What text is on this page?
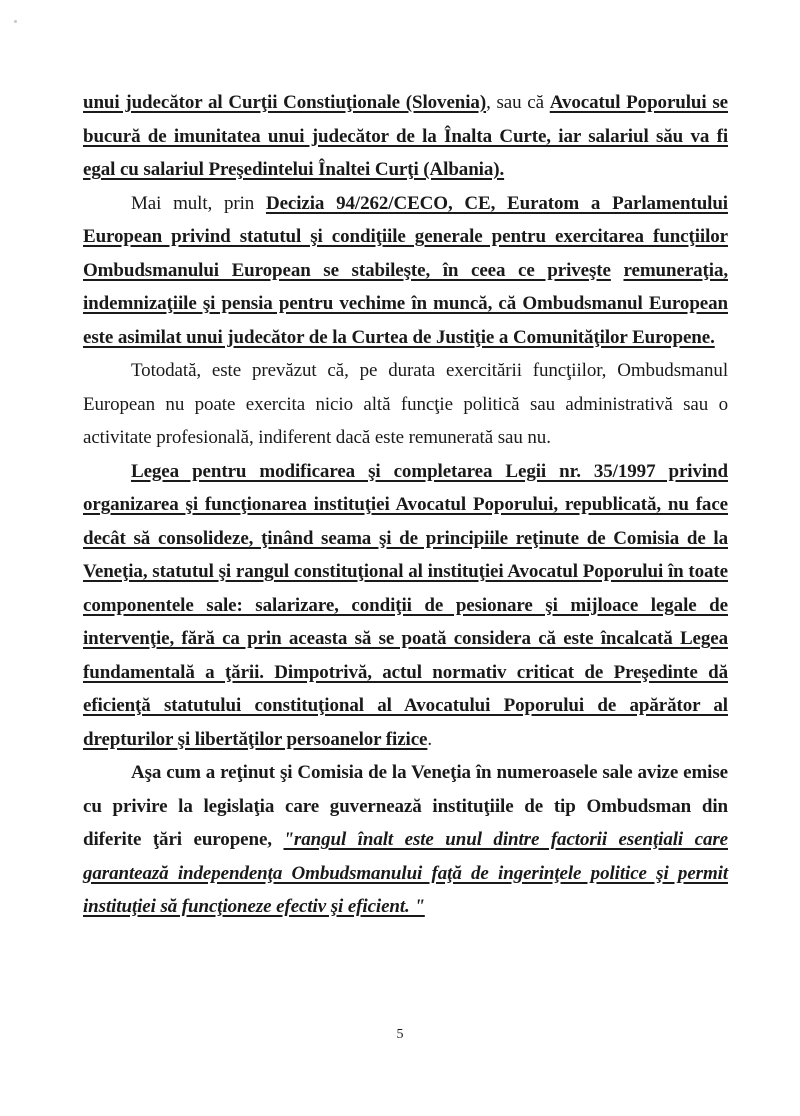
unui judecător al Curţii Constiuţionale (Slovenia), sau că Avocatul Poporului se bucură de imunitatea unui judecător de la Înalta Curte, iar salariul său va fi egal cu salariul Preşedintelui Înaltei Curţi (Albania).

Mai mult, prin Decizia 94/262/CECO, CE, Euratom a Parlamentului European privind statutul şi condiţiile generale pentru exercitarea funcţiilor Ombudsmanului European se stabileşte, în ceea ce priveşte remuneraţia, indemnizaţiile şi pensia pentru vechime în muncă, că Ombudsmanul European este asimilat unui judecător de la Curtea de Justiţie a Comunităţilor Europene.

Totodată, este prevăzut că, pe durata exercitării funcţiilor, Ombudsmanul European nu poate exercita nicio altă funcţie politică sau administrativă sau o activitate profesională, indiferent dacă este remunerată sau nu.

Legea pentru modificarea şi completarea Legii nr. 35/1997 privind organizarea şi funcţionarea instituţiei Avocatul Poporului, republicată, nu face decât să consolideze, ţinând seama şi de principiile reţinute de Comisia de la Veneţia, statutul şi rangul constituţional al instituţiei Avocatul Poporului în toate componentele sale: salarizare, condiţii de pesionare şi mijloace legale de intervenţie, fără ca prin aceasta să se poată considera că este încalcată Legea fundamentală a ţării. Dimpotrivă, actul normativ criticat de Preşedinte dă eficienţă statutului constituţional al Avocatului Poporului de apărător al drepturilor şi libertăţilor persoanelor fizice.

Aşa cum a reţinut şi Comisia de la Veneţia în numeroasele sale avize emise cu privire la legislaţia care guvernează instituţiile de tip Ombudsman din diferite ţări europene, "rangul înalt este unul dintre factorii esenţiali care garantează independenţa Ombudsmanului faţă de ingerinţele politice şi permit instituţiei să funcţioneze efectiv şi eficient. "

5
